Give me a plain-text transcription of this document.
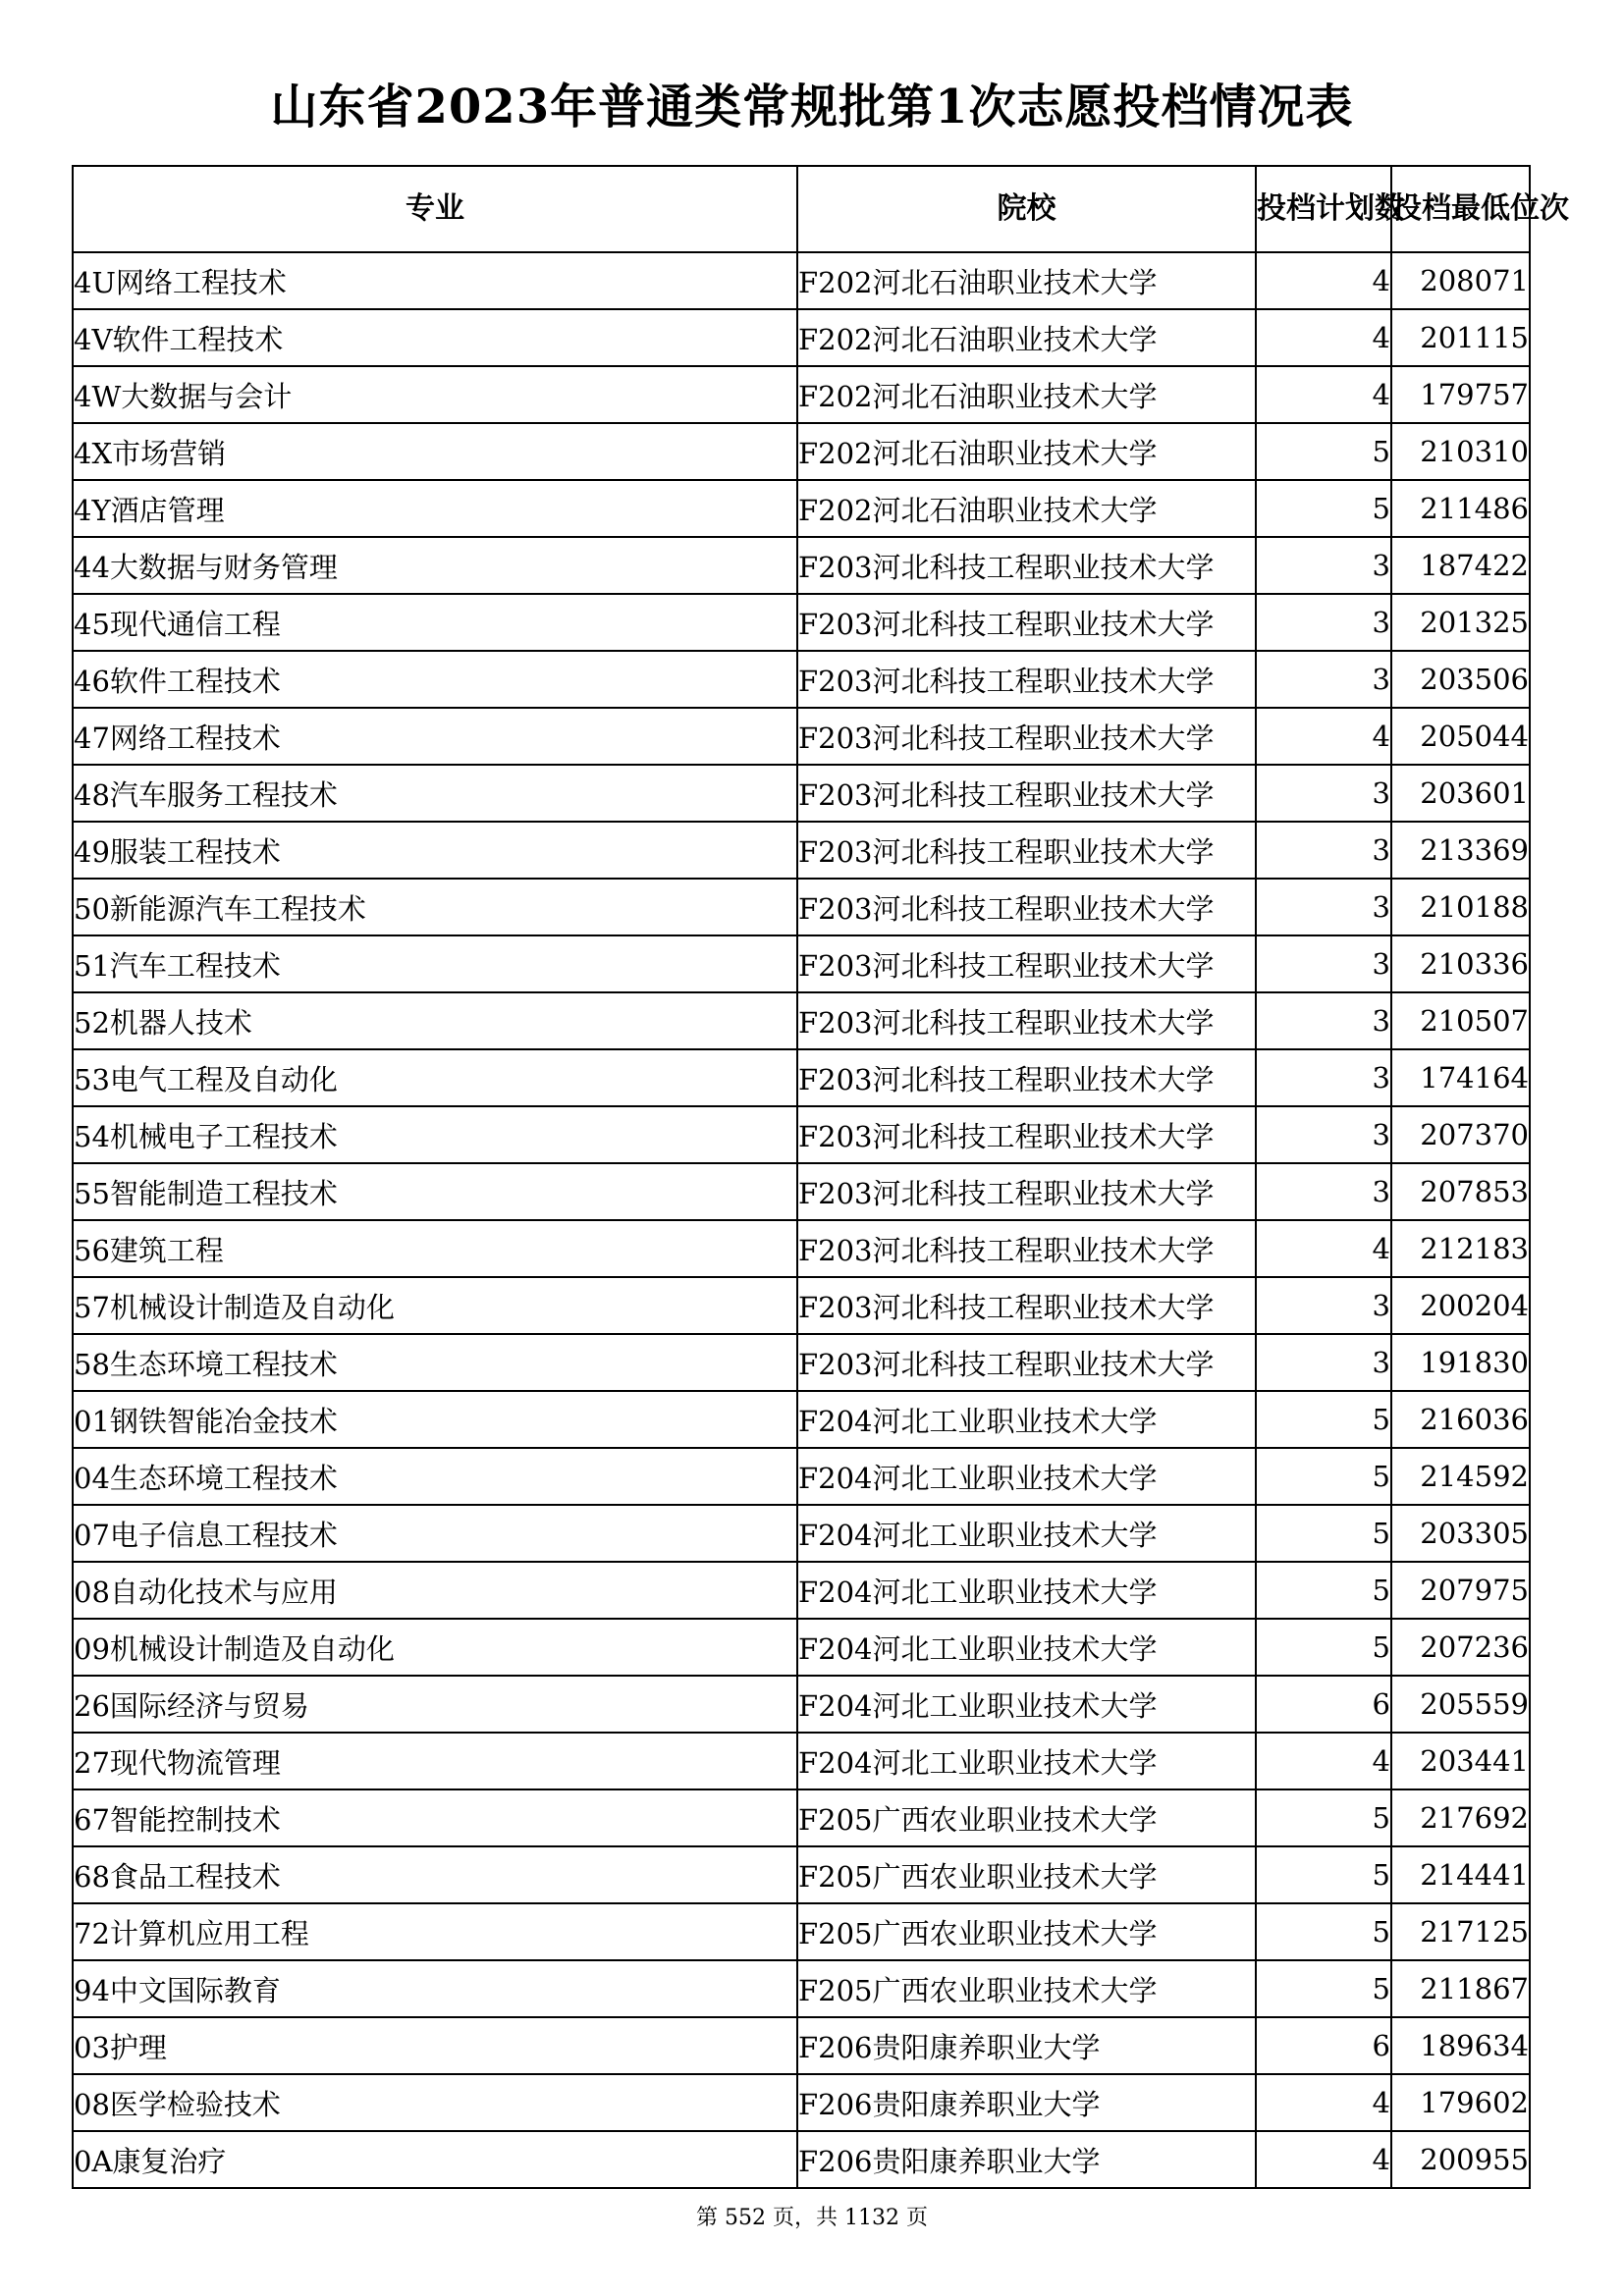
山东省2023年普通类常规批第1次志愿投档情况表
专业	院校	投档计划数	投档最低位次
4U网络工程技术	F202河北石油职业技术大学	4	208071
4V软件工程技术	F202河北石油职业技术大学	4	201115
4W大数据与会计	F202河北石油职业技术大学	4	179757
4X市场营销	F202河北石油职业技术大学	5	210310
4Y酒店管理	F202河北石油职业技术大学	5	211486
44大数据与财务管理	F203河北科技工程职业技术大学	3	187422
45现代通信工程	F203河北科技工程职业技术大学	3	201325
46软件工程技术	F203河北科技工程职业技术大学	3	203506
47网络工程技术	F203河北科技工程职业技术大学	4	205044
48汽车服务工程技术	F203河北科技工程职业技术大学	3	203601
49服装工程技术	F203河北科技工程职业技术大学	3	213369
50新能源汽车工程技术	F203河北科技工程职业技术大学	3	210188
51汽车工程技术	F203河北科技工程职业技术大学	3	210336
52机器人技术	F203河北科技工程职业技术大学	3	210507
53电气工程及自动化	F203河北科技工程职业技术大学	3	174164
54机械电子工程技术	F203河北科技工程职业技术大学	3	207370
55智能制造工程技术	F203河北科技工程职业技术大学	3	207853
56建筑工程	F203河北科技工程职业技术大学	4	212183
57机械设计制造及自动化	F203河北科技工程职业技术大学	3	200204
58生态环境工程技术	F203河北科技工程职业技术大学	3	191830
01钢铁智能冶金技术	F204河北工业职业技术大学	5	216036
04生态环境工程技术	F204河北工业职业技术大学	5	214592
07电子信息工程技术	F204河北工业职业技术大学	5	203305
08自动化技术与应用	F204河北工业职业技术大学	5	207975
09机械设计制造及自动化	F204河北工业职业技术大学	5	207236
26国际经济与贸易	F204河北工业职业技术大学	6	205559
27现代物流管理	F204河北工业职业技术大学	4	203441
67智能控制技术	F205广西农业职业技术大学	5	217692
68食品工程技术	F205广西农业职业技术大学	5	214441
72计算机应用工程	F205广西农业职业技术大学	5	217125
94中文国际教育	F205广西农业职业技术大学	5	211867
03护理	F206贵阳康养职业大学	6	189634
08医学检验技术	F206贵阳康养职业大学	4	179602
0A康复治疗	F206贵阳康养职业大学	4	200955
第 552 页，共 1132 页
